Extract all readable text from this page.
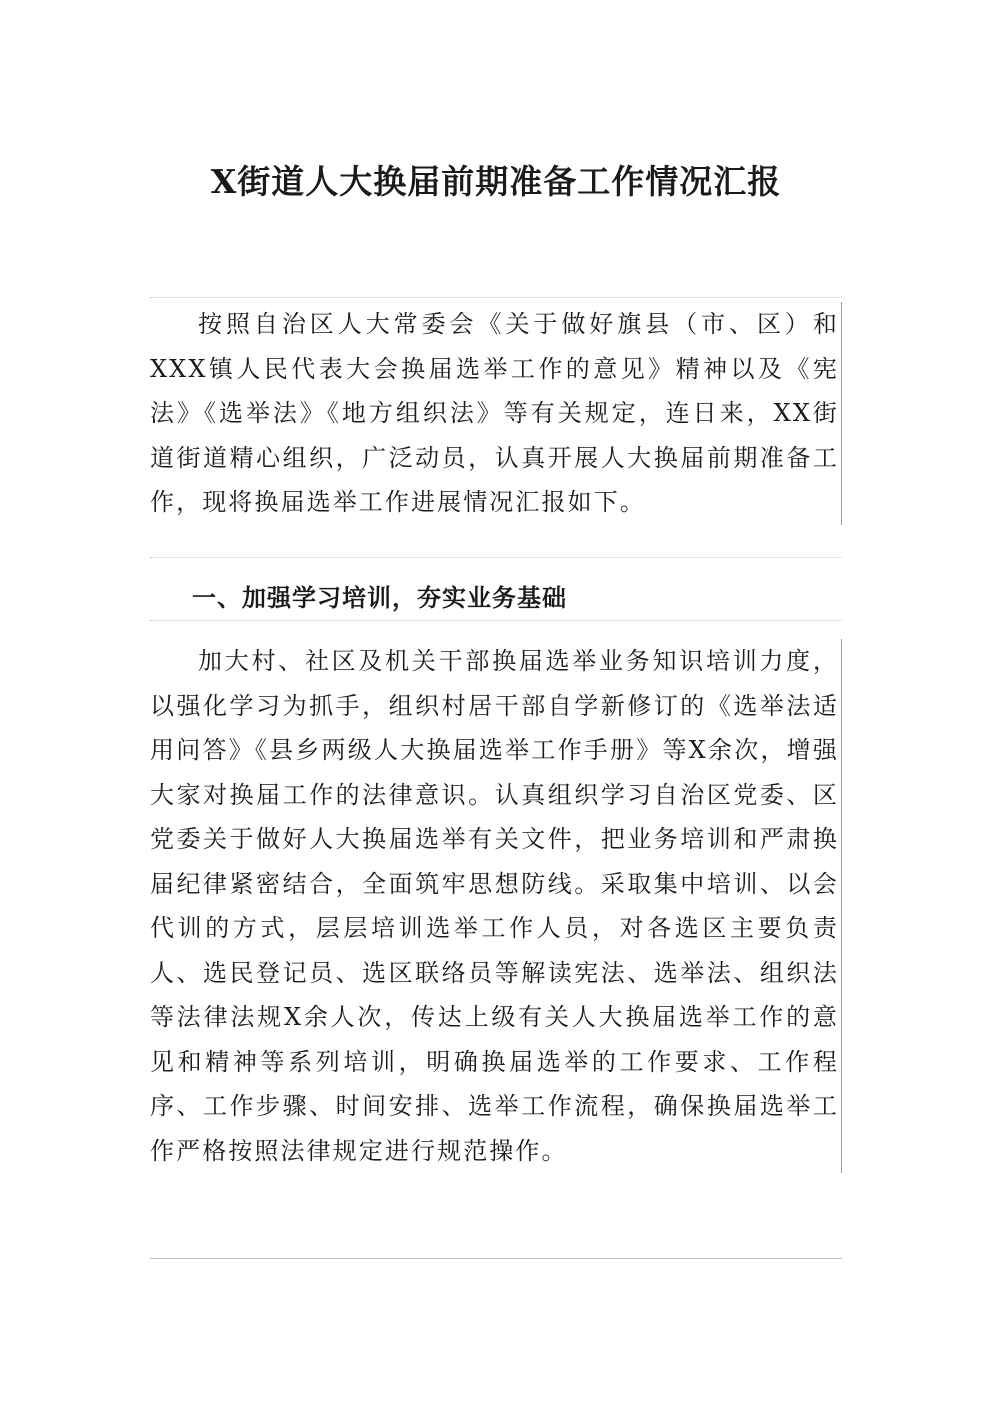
X街道人大换届前期准备工作情况汇报

按照自治区人大常委会《关于做好旗县（市、区）和XXX镇人民代表大会换届选举工作的意见》精神以及《宪法》《选举法》《地方组织法》等有关规定，连日来，XX街道街道精心组织，广泛动员，认真开展人大换届前期准备工作，现将换届选举工作进展情况汇报如下。

一、加强学习培训，夯实业务基础

加大村、社区及机关干部换届选举业务知识培训力度，以强化学习为抓手，组织村居干部自学新修订的《选举法适用问答》《县乡两级人大换届选举工作手册》等X余次，增强大家对换届工作的法律意识。认真组织学习自治区党委、区党委关于做好人大换届选举有关文件，把业务培训和严肃换届纪律紧密结合，全面筑牢思想防线。采取集中培训、以会代训的方式，层层培训选举工作人员，对各选区主要负责人、选民登记员、选区联络员等解读宪法、选举法、组织法等法律法规X余人次，传达上级有关人大换届选举工作的意见和精神等系列培训，明确换届选举的工作要求、工作程序、工作步骤、时间安排、选举工作流程，确保换届选举工作严格按照法律规定进行规范操作。
